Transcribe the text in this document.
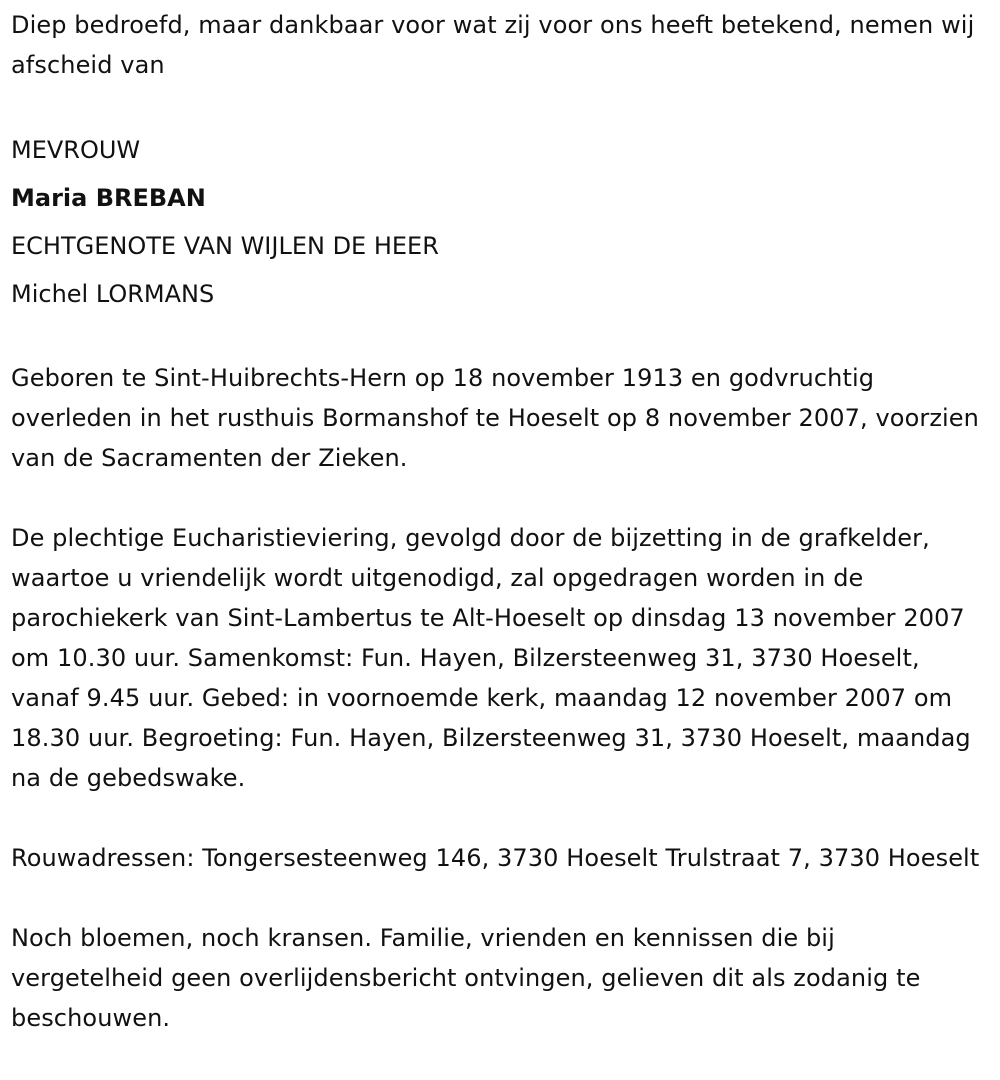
Diep bedroefd, maar dankbaar voor wat zij voor ons heeft betekend, nemen wij afscheid van

MEVROUW
Maria BREBAN
ECHTGENOTE VAN WIJLEN DE HEER
Michel LORMANS

Geboren te Sint-Huibrechts-Hern op 18 november 1913 en godvruchtig overleden in het rusthuis Bormanshof te Hoeselt op 8 november 2007, voorzien van de Sacramenten der Zieken.

De plechtige Eucharistieviering, gevolgd door de bijzetting in de grafkelder, waartoe u vriendelijk wordt uitgenodigd, zal opgedragen worden in de parochiekerk van Sint-Lambertus te Alt-Hoeselt op dinsdag 13 november 2007 om 10.30 uur. Samenkomst: Fun. Hayen, Bilzersteenweg 31, 3730 Hoeselt, vanaf 9.45 uur. Gebed: in voornoemde kerk, maandag 12 november 2007 om 18.30 uur. Begroeting: Fun. Hayen, Bilzersteenweg 31, 3730 Hoeselt, maandag na de gebedswake.

Rouwadressen: Tongersesteenweg 146, 3730 Hoeselt Trulstraat 7, 3730 Hoeselt

Noch bloemen, noch kransen. Familie, vrienden en kennissen die bij vergetelheid geen overlijdensbericht ontvingen, gelieven dit als zodanig te beschouwen.
